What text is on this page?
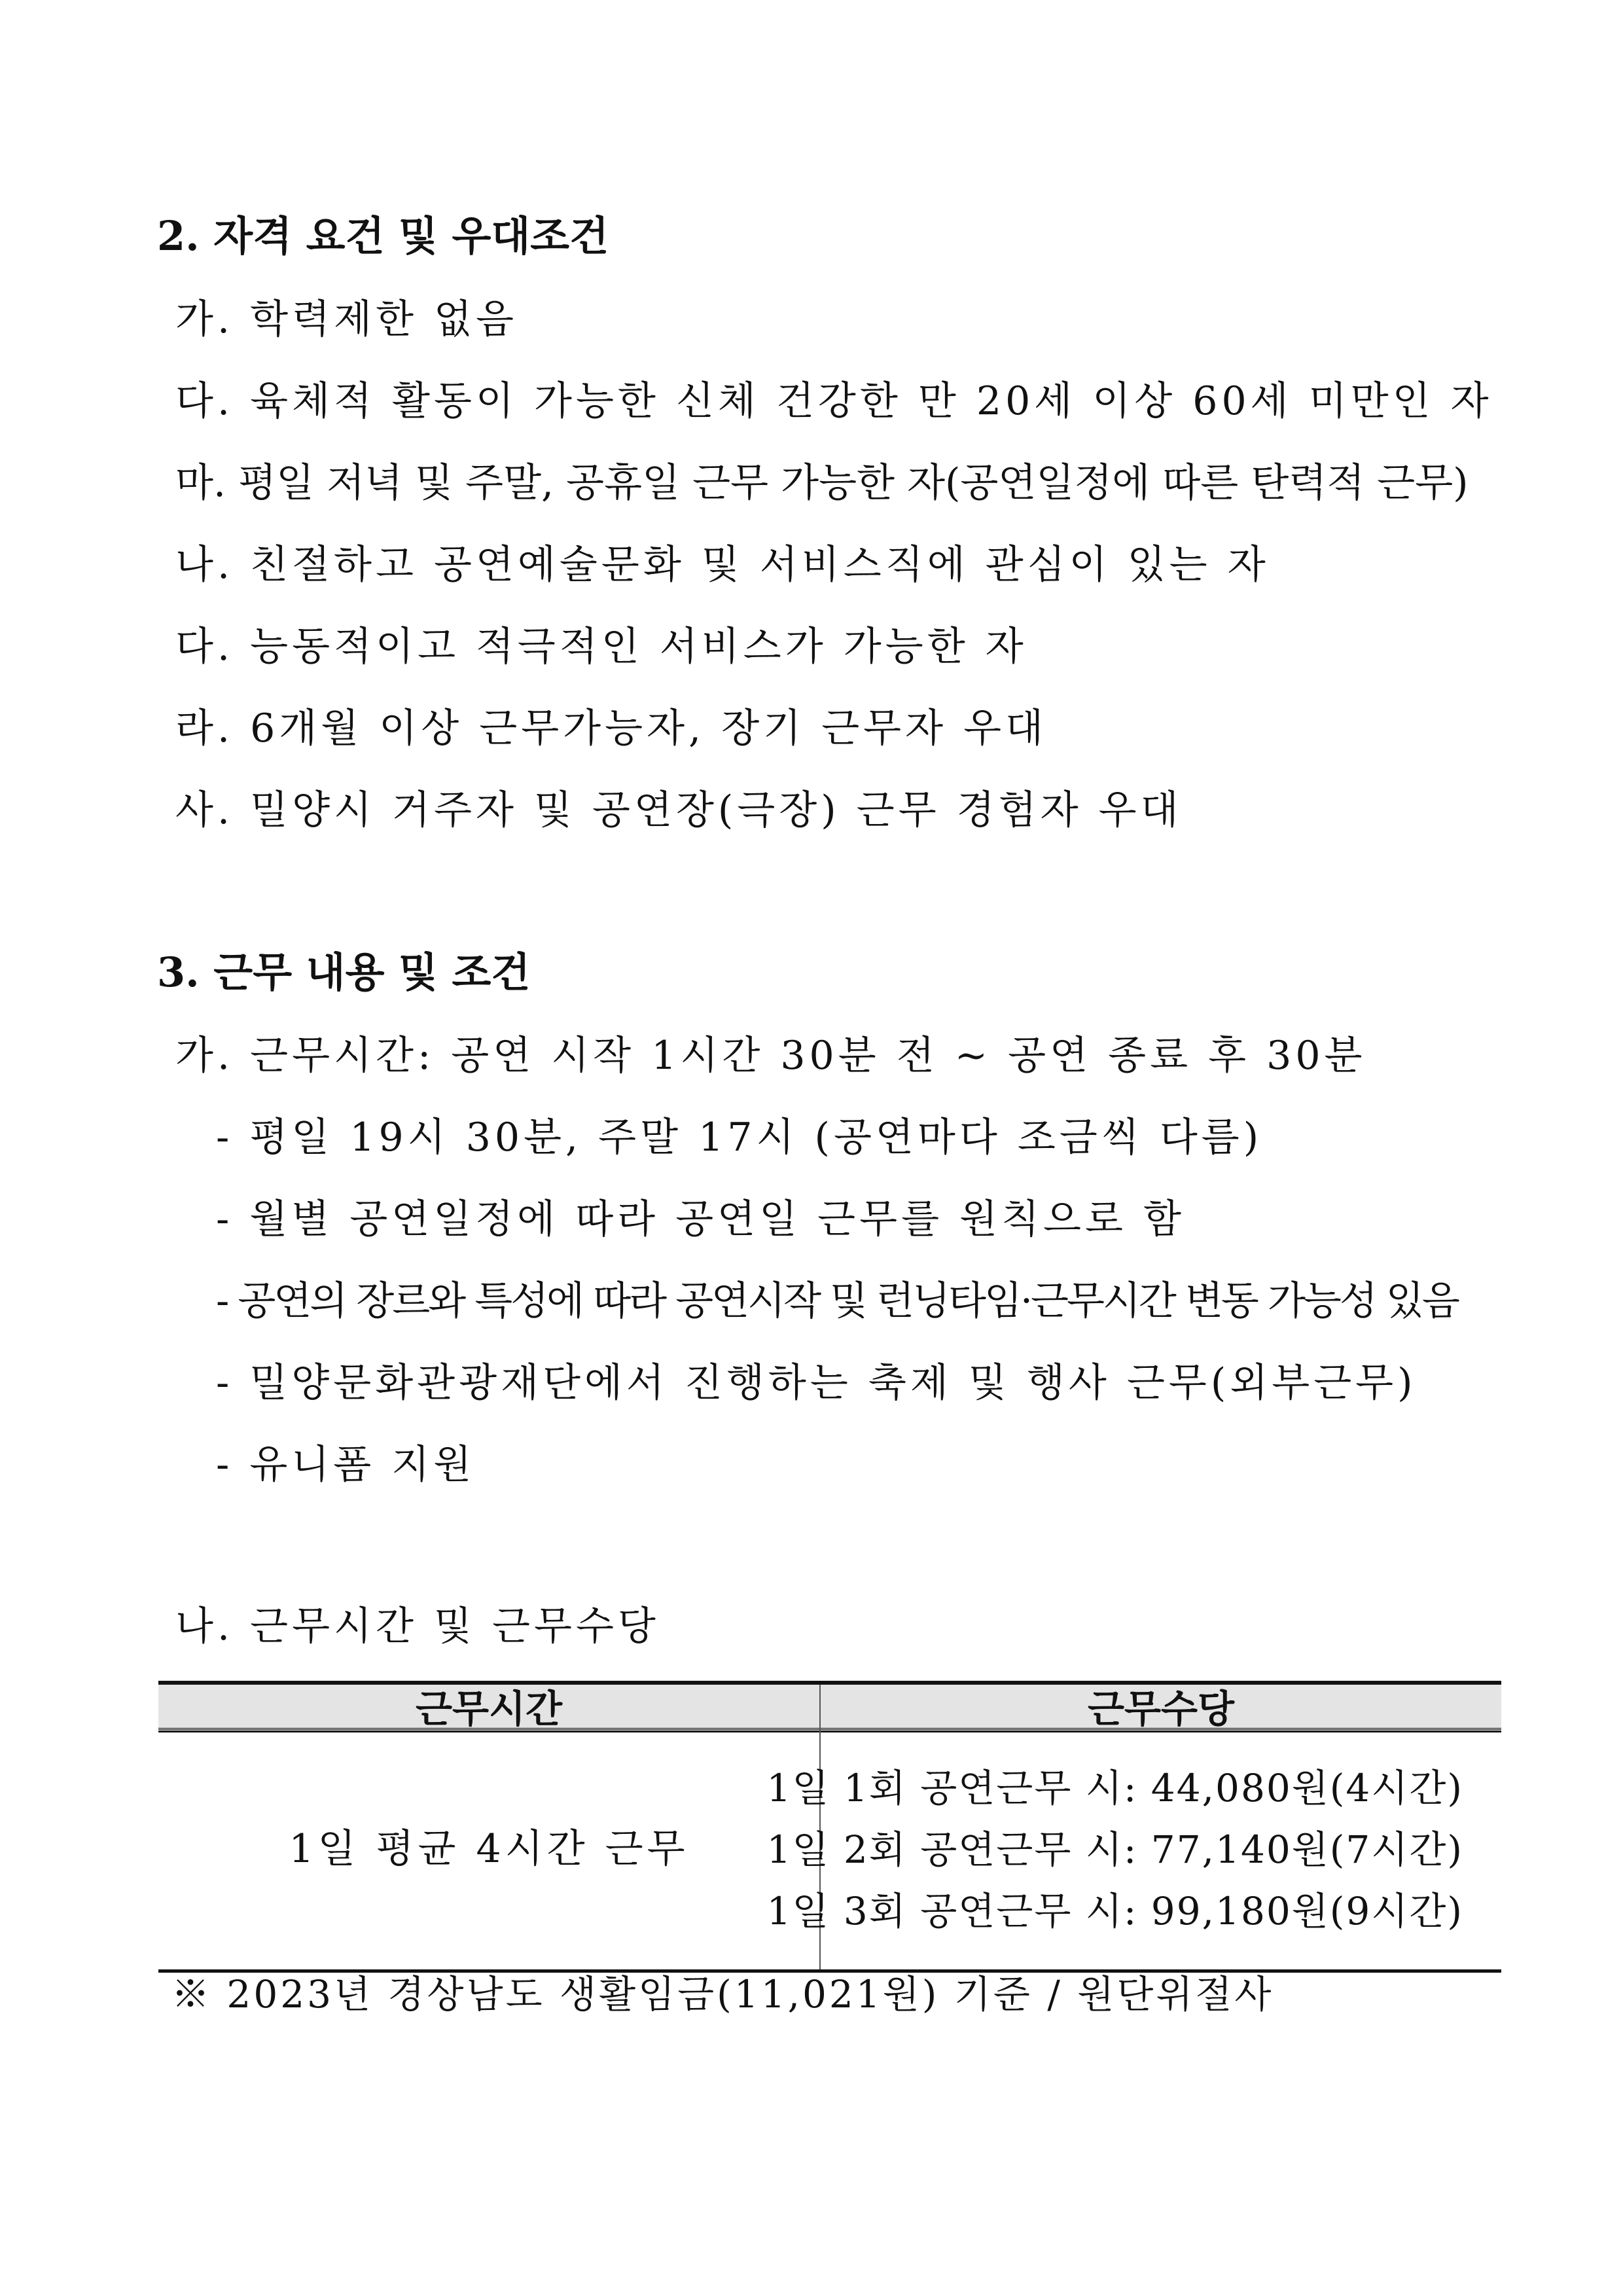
2. 자격 요건 및 우대조건
가. 학력제한 없음
다. 육체적 활동이 가능한 신체 건강한 만 20세 이상 60세 미만인 자
마. 평일 저녁 및 주말, 공휴일 근무 가능한 자(공연일정에 따른 탄력적 근무)
나. 친절하고 공연예술문화 및 서비스직에 관심이 있는 자
다. 능동적이고 적극적인 서비스가 가능한 자
라. 6개월 이상 근무가능자, 장기 근무자 우대
사. 밀양시 거주자 및 공연장(극장) 근무 경험자 우대
3. 근무 내용 및 조건
가. 근무시간: 공연 시작 1시간 30분 전 ~ 공연 종료 후 30분
- 평일 19시 30분, 주말 17시 (공연마다 조금씩 다름)
- 월별 공연일정에 따라 공연일 근무를 원칙으로 함
- 공연의 장르와 특성에 따라 공연시작 및 런닝타임·근무시간 변동 가능성 있음
- 밀양문화관광재단에서 진행하는 축제 및 행사 근무(외부근무)
- 유니폼 지원
나. 근무시간 및 근무수당
근무시간	근무수당
1일 평균 4시간 근무
1일 1회 공연근무 시: 44,080원(4시간)
1일 2회 공연근무 시: 77,140원(7시간)
1일 3회 공연근무 시: 99,180원(9시간)
※ 2023년 경상남도 생활임금(11,021원) 기준 / 원단위절사
